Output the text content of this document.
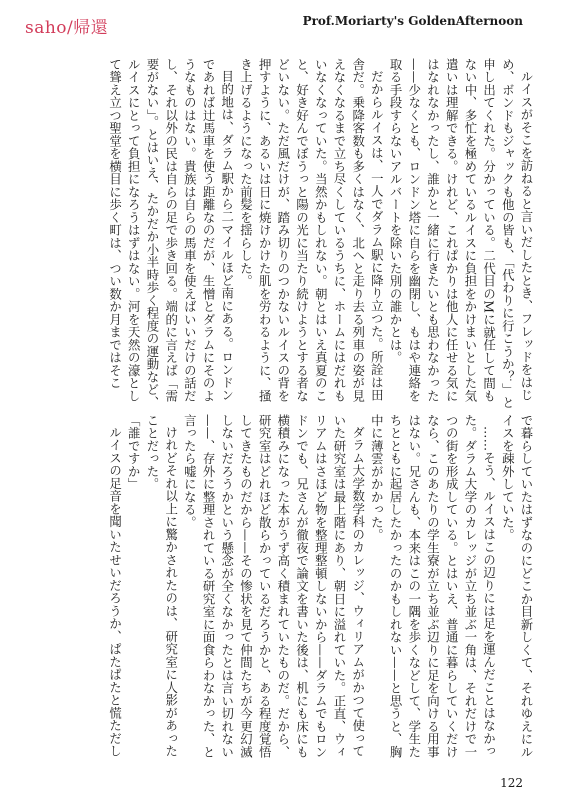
saho/帰還	Prof.Moriarty's GoldenAfternoon

ルイスがそこを訪ねると言いだしたとき、フレッドをはじめ、ボンドもジャックも他の皆も、「代わりに行こうか？」と申し出てくれた。分かっている。二代目のMに就任して間もない中、多忙を極めているルイスに負担をかけまいとした気遣いは理解できる。けれど、これぱかりは他人に任せる気にはなれなかったし、誰かと一緒に行きたいとも思わなかった——少なくとも、ロンドン塔に自らを幽閉し、もはや連絡を取る手段すらないアルバートを除いた別の誰かとは。

だからルイスは、一人でダラム駅に降り立つた。所詮は田舎だ。乗降客数も多くはなく、北へと走り去る列車の姿が見えなくなるまで立ち尽くしているうちに、ホームにはだれもいなくなっていた。当然かもしれない。朝とはいえ真夏のこと、好き好んでぼうっと陽の光に当たり続けようとする者などいない。ただ風だけが、踏み切りのつかないルイスの背を押すように、あるいは日に焼けかけた肌を労わるように、掻き上げるようになった前髪を揺らした。

目的地は、ダラム駅から二マイルほど南にある。ロンドンであれば辻馬車を使う距離なのだが、生憎とダラムにそのようなものはない。貴族は自らの馬車を使えばいいだけの話だし、それ以外の民は自らの足で歩き回る。端的に言えば「需要がない」。とはいえ、たかだか小半時歩く程度の運動など、ルイスにとって負担になろうはずはない。河を天然の濠として聳え立つ聖堂を横目に歩く町は、つい数か月まではそこ

で暮らしていたはずなのにどこか目新しくて、それゆえにルイスを疎外していた。

……そう、ルイスはこの辺りには足を運んだことはなかった。ダラム大学のカレッジが立ち並ぶ一角は、それだけで一つの街を形成している。とはいえ、普通に暮らしていくだけなら、このあたりの学生寮が立ち並ぶ辺りに足を向ける用事はない。兄さんも、本来はこの一隅を歩くなどして、学生たちとともに起居したかったのかもしれない——と思うと、胸中に薄雲がかかった。

ダラム大学数学科のカレッジ、ウィリアムがかつて使っていた研究室は最上階にあり、朝日に溢れていた。正直、ウィリアムはさほど物を整理整頓しないから——ダラムでもロンドンでも、兄さんが徹夜で論文を書いた後は、机にも床にも横積みになった本がうず高く積まれていたものだ。だから、研究室はどれほど散らかっているだろうかと、ある程度覚悟してきたものだから——その惨状を見て仲間たちが今更幻滅しないだろうかという懸念が全くなかったとは言い切れない——、存外に整理されている研究室に面食らわなかった、と言ったら嘘になる。

けれどそれ以上に驚かされたのは、研究室に人影があったことだった。

「誰ですか」

ルイスの足音を聞いたせいだろうか、ぱたぱたと慌ただし

122
